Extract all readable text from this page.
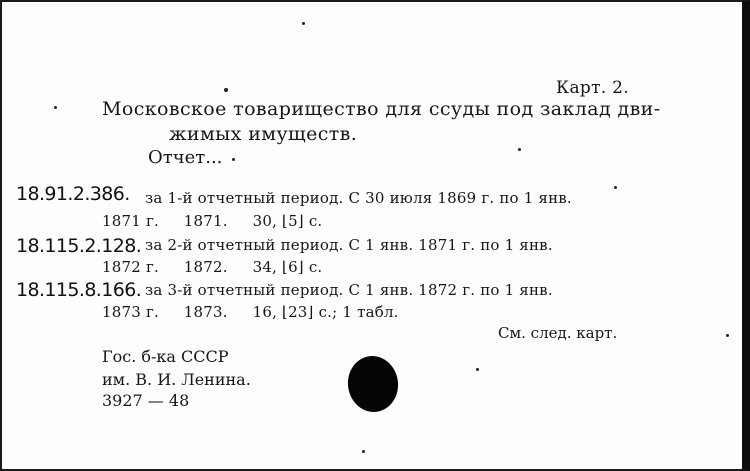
Карт. 2.
Московское товарищество для ссуды под заклад дви-
жимых имуществ.
Отчет...
18.91.2.386. за 1-й отчетный период. С 30 июля 1869 г. по 1 янв.
1871 г.     1871.     30, ⌊5⌋ с.
18.115.2.128. за 2-й отчетный период. С 1 янв. 1871 г. по 1 янв.
1872 г.     1872.     34, ⌊6⌋ с.
18.115.8.166. за 3-й отчетный период. С 1 янв. 1872 г. по 1 янв.
1873 г.     1873.     16, ⌊23⌋ с.; 1 табл.
См. след. карт.
Гос. б-ка СССР
им. В. И. Ленина.
3927 — 48
